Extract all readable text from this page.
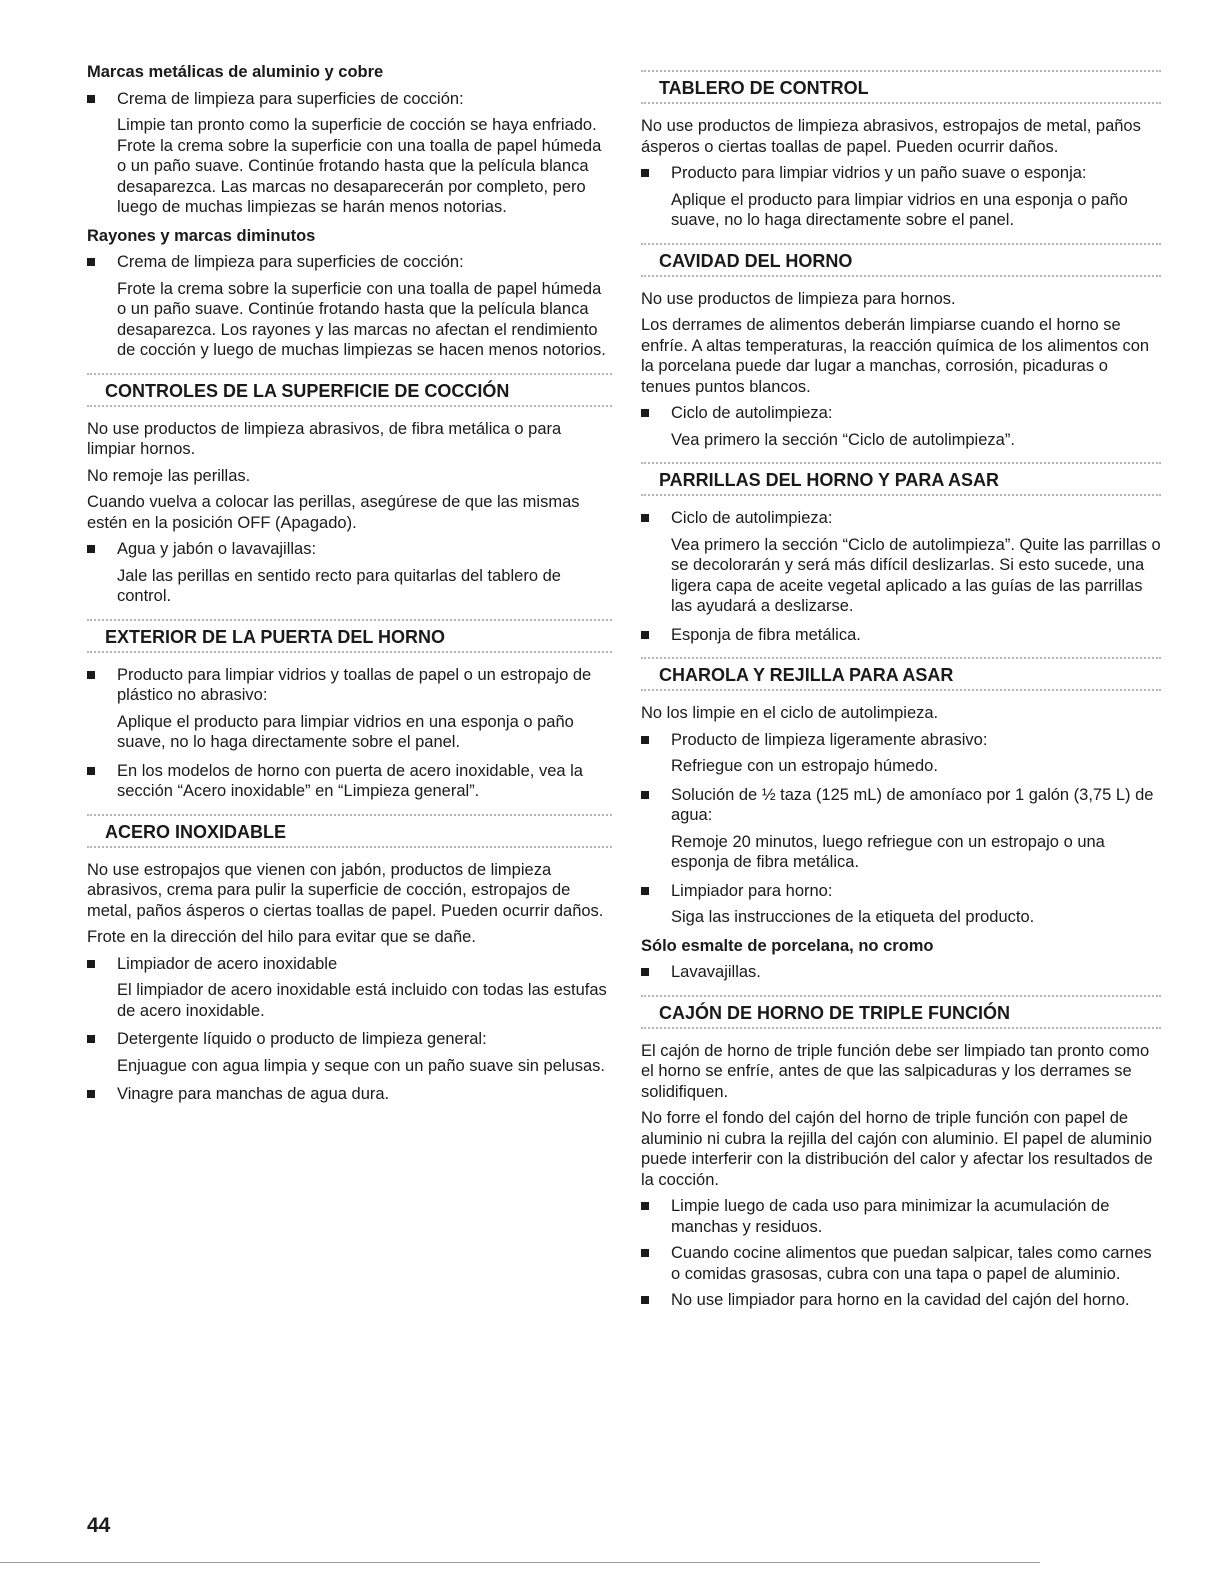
Marcas metálicas de aluminio y cobre
Crema de limpieza para superficies de cocción:
Limpie tan pronto como la superficie de cocción se haya enfriado. Frote la crema sobre la superficie con una toalla de papel húmeda o un paño suave. Continúe frotando hasta que la película blanca desaparezca. Las marcas no desaparecerán por completo, pero luego de muchas limpiezas se harán menos notorias.
Rayones y marcas diminutos
Crema de limpieza para superficies de cocción:
Frote la crema sobre la superficie con una toalla de papel húmeda o un paño suave. Continúe frotando hasta que la película blanca desaparezca. Los rayones y las marcas no afectan el rendimiento de cocción y luego de muchas limpiezas se hacen menos notorios.
CONTROLES DE LA SUPERFICIE DE COCCIÓN
No use productos de limpieza abrasivos, de fibra metálica o para limpiar hornos.
No remoje las perillas.
Cuando vuelva a colocar las perillas, asegúrese de que las mismas estén en la posición OFF (Apagado).
Agua y jabón o lavavajillas:
Jale las perillas en sentido recto para quitarlas del tablero de control.
EXTERIOR DE LA PUERTA DEL HORNO
Producto para limpiar vidrios y toallas de papel o un estropajo de plástico no abrasivo:
Aplique el producto para limpiar vidrios en una esponja o paño suave, no lo haga directamente sobre el panel.
En los modelos de horno con puerta de acero inoxidable, vea la sección “Acero inoxidable” en “Limpieza general”.
ACERO INOXIDABLE
No use estropajos que vienen con jabón, productos de limpieza abrasivos, crema para pulir la superficie de cocción, estropajos de metal, paños ásperos o ciertas toallas de papel. Pueden ocurrir daños.
Frote en la dirección del hilo para evitar que se dañe.
Limpiador de acero inoxidable
El limpiador de acero inoxidable está incluido con todas las estufas de acero inoxidable.
Detergente líquido o producto de limpieza general:
Enjuague con agua limpia y seque con un paño suave sin pelusas.
Vinagre para manchas de agua dura.
TABLERO DE CONTROL
No use productos de limpieza abrasivos, estropajos de metal, paños ásperos o ciertas toallas de papel. Pueden ocurrir daños.
Producto para limpiar vidrios y un paño suave o esponja:
Aplique el producto para limpiar vidrios en una esponja o paño suave, no lo haga directamente sobre el panel.
CAVIDAD DEL HORNO
No use productos de limpieza para hornos.
Los derrames de alimentos deberán limpiarse cuando el horno se enfríe. A altas temperaturas, la reacción química de los alimentos con la porcelana puede dar lugar a manchas, corrosión, picaduras o tenues puntos blancos.
Ciclo de autolimpieza:
Vea primero la sección “Ciclo de autolimpieza”.
PARRILLAS DEL HORNO Y PARA ASAR
Ciclo de autolimpieza:
Vea primero la sección “Ciclo de autolimpieza”. Quite las parrillas o se decolorarán y será más difícil deslizarlas. Si esto sucede, una ligera capa de aceite vegetal aplicado a las guías de las parrillas las ayudará a deslizarse.
Esponja de fibra metálica.
CHAROLA Y REJILLA PARA ASAR
No los limpie en el ciclo de autolimpieza.
Producto de limpieza ligeramente abrasivo:
Refriegue con un estropajo húmedo.
Solución de ½ taza (125 mL) de amoníaco por 1 galón (3,75 L) de agua:
Remoje 20 minutos, luego refriegue con un estropajo o una esponja de fibra metálica.
Limpiador para horno:
Siga las instrucciones de la etiqueta del producto.
Sólo esmalte de porcelana, no cromo
Lavavajillas.
CAJÓN DE HORNO DE TRIPLE FUNCIÓN
El cajón de horno de triple función debe ser limpiado tan pronto como el horno se enfríe, antes de que las salpicaduras y los derrames se solidifiquen.
No forre el fondo del cajón del horno de triple función con papel de aluminio ni cubra la rejilla del cajón con aluminio. El papel de aluminio puede interferir con la distribución del calor y afectar los resultados de la cocción.
Limpie luego de cada uso para minimizar la acumulación de manchas y residuos.
Cuando cocine alimentos que puedan salpicar, tales como carnes o comidas grasosas, cubra con una tapa o papel de aluminio.
No use limpiador para horno en la cavidad del cajón del horno.
44
